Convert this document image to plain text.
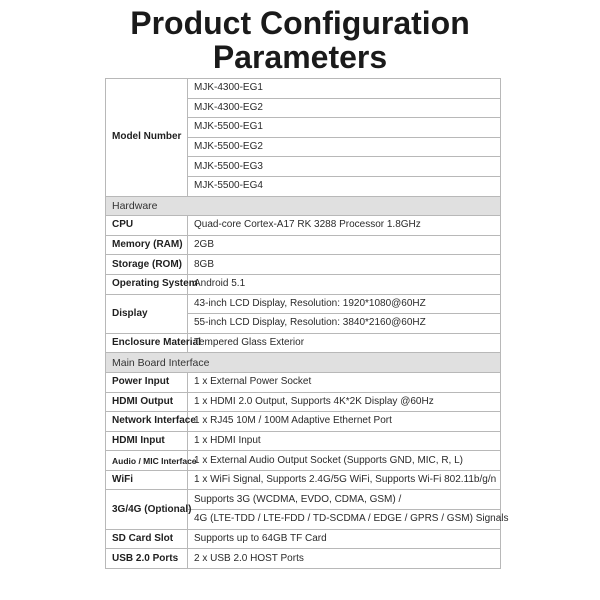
Product Configuration
Parameters
Model Number	MJK-4300-EG1
	MJK-4300-EG2
	MJK-5500-EG1
	MJK-5500-EG2
	MJK-5500-EG3
	MJK-5500-EG4
Hardware	
CPU	Quad-core Cortex-A17 RK 3288 Processor 1.8GHz
Memory (RAM)	2GB
Storage (ROM)	8GB
Operating System	Android 5.1
Display	43-inch LCD Display, Resolution: 1920*1080@60HZ
	55-inch LCD Display, Resolution: 3840*2160@60HZ
Enclosure Material	Tempered Glass Exterior
Main Board Interface	
Power Input	1 x External Power Socket
HDMI Output	1 x HDMI 2.0 Output, Supports 4K*2K Display @60Hz
Network Interface	1 x RJ45 10M / 100M Adaptive Ethernet Port
HDMI Input	1 x HDMI Input
Audio / MIC Interface	1 x External Audio Output Socket (Supports GND, MIC, R, L)
WiFi	1 x WiFi Signal, Supports 2.4G/5G WiFi, Supports Wi-Fi 802.11b/g/n
3G/4G (Optional)	Supports 3G (WCDMA, EVDO, CDMA, GSM) /
	4G (LTE-TDD / LTE-FDD / TD-SCDMA / EDGE / GPRS / GSM) Signals
SD Card Slot	Supports up to 64GB TF Card
USB 2.0 Ports	2 x USB 2.0 HOST Ports
